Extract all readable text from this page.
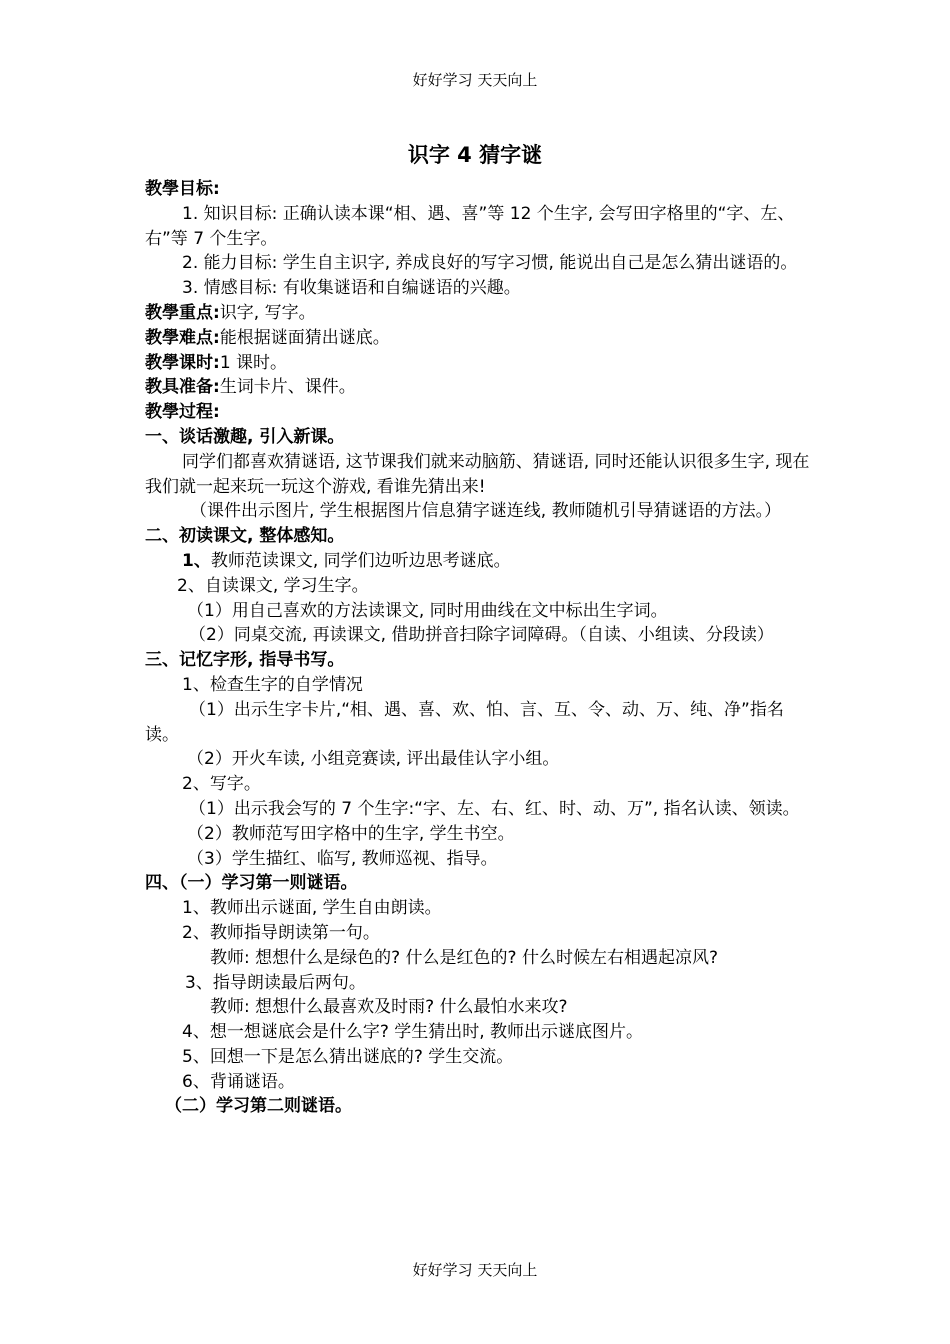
好好学习 天天向上
识字 4 猜字谜
教學目标:
1. 知识目标: 正确认读本课“相、遇、喜”等 12 个生字, 会写田字格里的“字、左、右”等 7 个生字。
2. 能力目标: 学生自主识字, 养成良好的写字习惯, 能说出自己是怎么猜出谜语的。
3. 情感目标: 有收集谜语和自编谜语的兴趣。
教學重点:识字, 写字。
教學难点:能根据谜面猜出谜底。
教學课时:1 课时。
教具准备:生词卡片、课件。
教學过程:
一、谈话激趣, 引入新课。
同学们都喜欢猜谜语, 这节课我们就来动脑筋、猜谜语, 同时还能认识很多生字, 现在我们就一起来玩一玩这个游戏, 看谁先猜出来!
（课件出示图片, 学生根据图片信息猜字谜连线, 教师随机引导猜谜语的方法。）
二、初读课文, 整体感知。
1、教师范读课文, 同学们边听边思考谜底。
2、自读课文, 学习生字。
（1）用自己喜欢的方法读课文, 同时用曲线在文中标出生字词。
（2）同桌交流, 再读课文, 借助拼音扫除字词障碍。（自读、小组读、分段读）
三、记忆字形, 指导书写。
1、检查生字的自学情况
（1）出示生字卡片,“相、遇、喜、欢、怕、言、互、令、动、万、纯、净”指名读。
（2）开火车读, 小组竞赛读, 评出最佳认字小组。
2、写字。
（1）出示我会写的 7 个生字:“字、左、右、红、时、动、万”, 指名认读、领读。
（2）教师范写田字格中的生字, 学生书空。
（3）学生描红、临写, 教师巡视、指导。
四、（一）学习第一则谜语。
1、教师出示谜面, 学生自由朗读。
2、教师指导朗读第一句。
教师: 想想什么是绿色的? 什么是红色的? 什么时候左右相遇起凉风?
3、指导朗读最后两句。
教师: 想想什么最喜欢及时雨? 什么最怕水来攻?
4、想一想谜底会是什么字? 学生猜出时, 教师出示谜底图片。
5、回想一下是怎么猜出谜底的? 学生交流。
6、背诵谜语。
（二）学习第二则谜语。
好好学习 天天向上
